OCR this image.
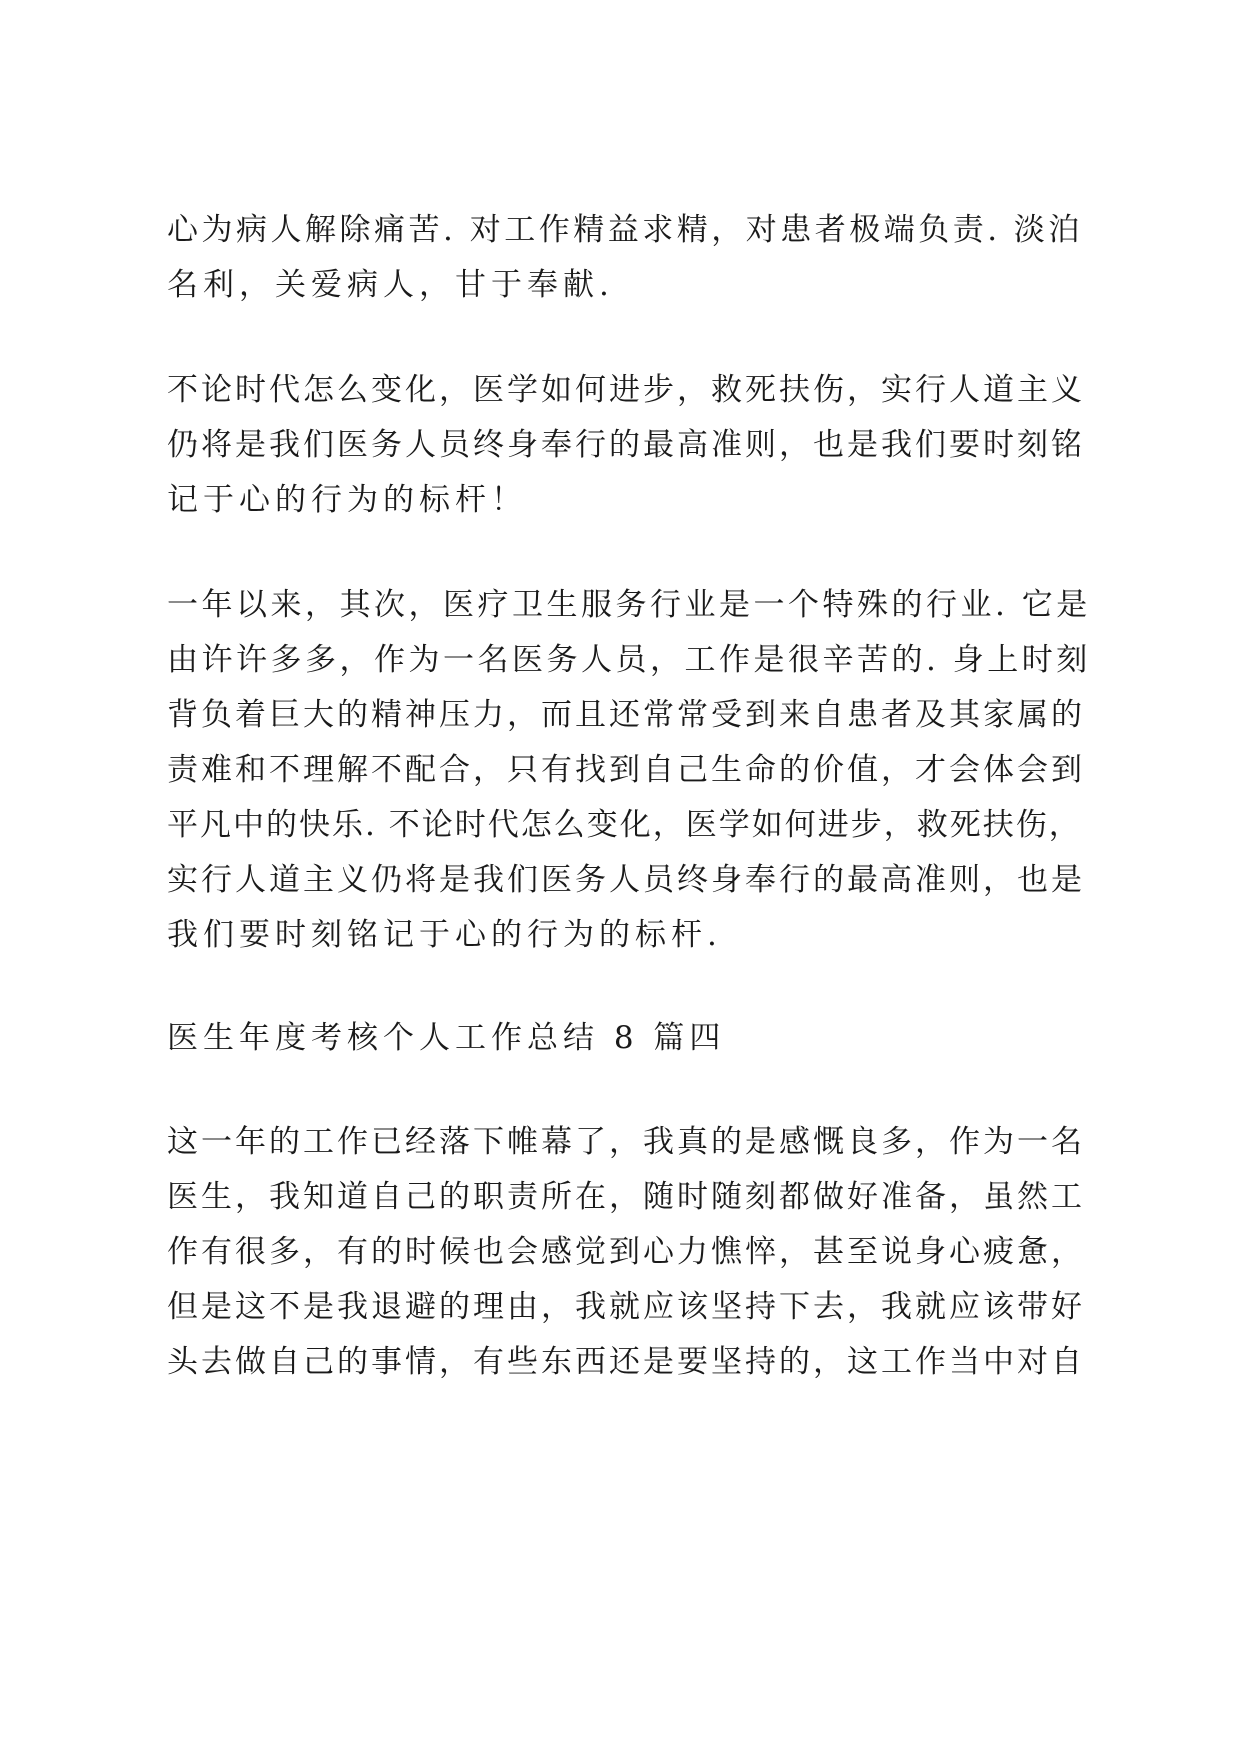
心为病人解除痛苦. 对工作精益求精，对患者极端负责. 淡泊
名利，关爱病人，甘于奉献.
不论时代怎么变化，医学如何进步，救死扶伤，实行人道主义
仍将是我们医务人员终身奉行的最高准则，也是我们要时刻铭
记于心的行为的标杆！
一年以来，其次，医疗卫生服务行业是一个特殊的行业. 它是
由许许多多，作为一名医务人员，工作是很辛苦的. 身上时刻
背负着巨大的精神压力，而且还常常受到来自患者及其家属的
责难和不理解不配合，只有找到自己生命的价值，才会体会到
平凡中的快乐. 不论时代怎么变化，医学如何进步，救死扶伤，
实行人道主义仍将是我们医务人员终身奉行的最高准则，也是
我们要时刻铭记于心的行为的标杆.
医生年度考核个人工作总结 8 篇四
这一年的工作已经落下帷幕了，我真的是感慨良多，作为一名
医生，我知道自己的职责所在，随时随刻都做好准备，虽然工
作有很多，有的时候也会感觉到心力憔悴，甚至说身心疲惫，
但是这不是我退避的理由，我就应该坚持下去，我就应该带好
头去做自己的事情，有些东西还是要坚持的，这工作当中对自
